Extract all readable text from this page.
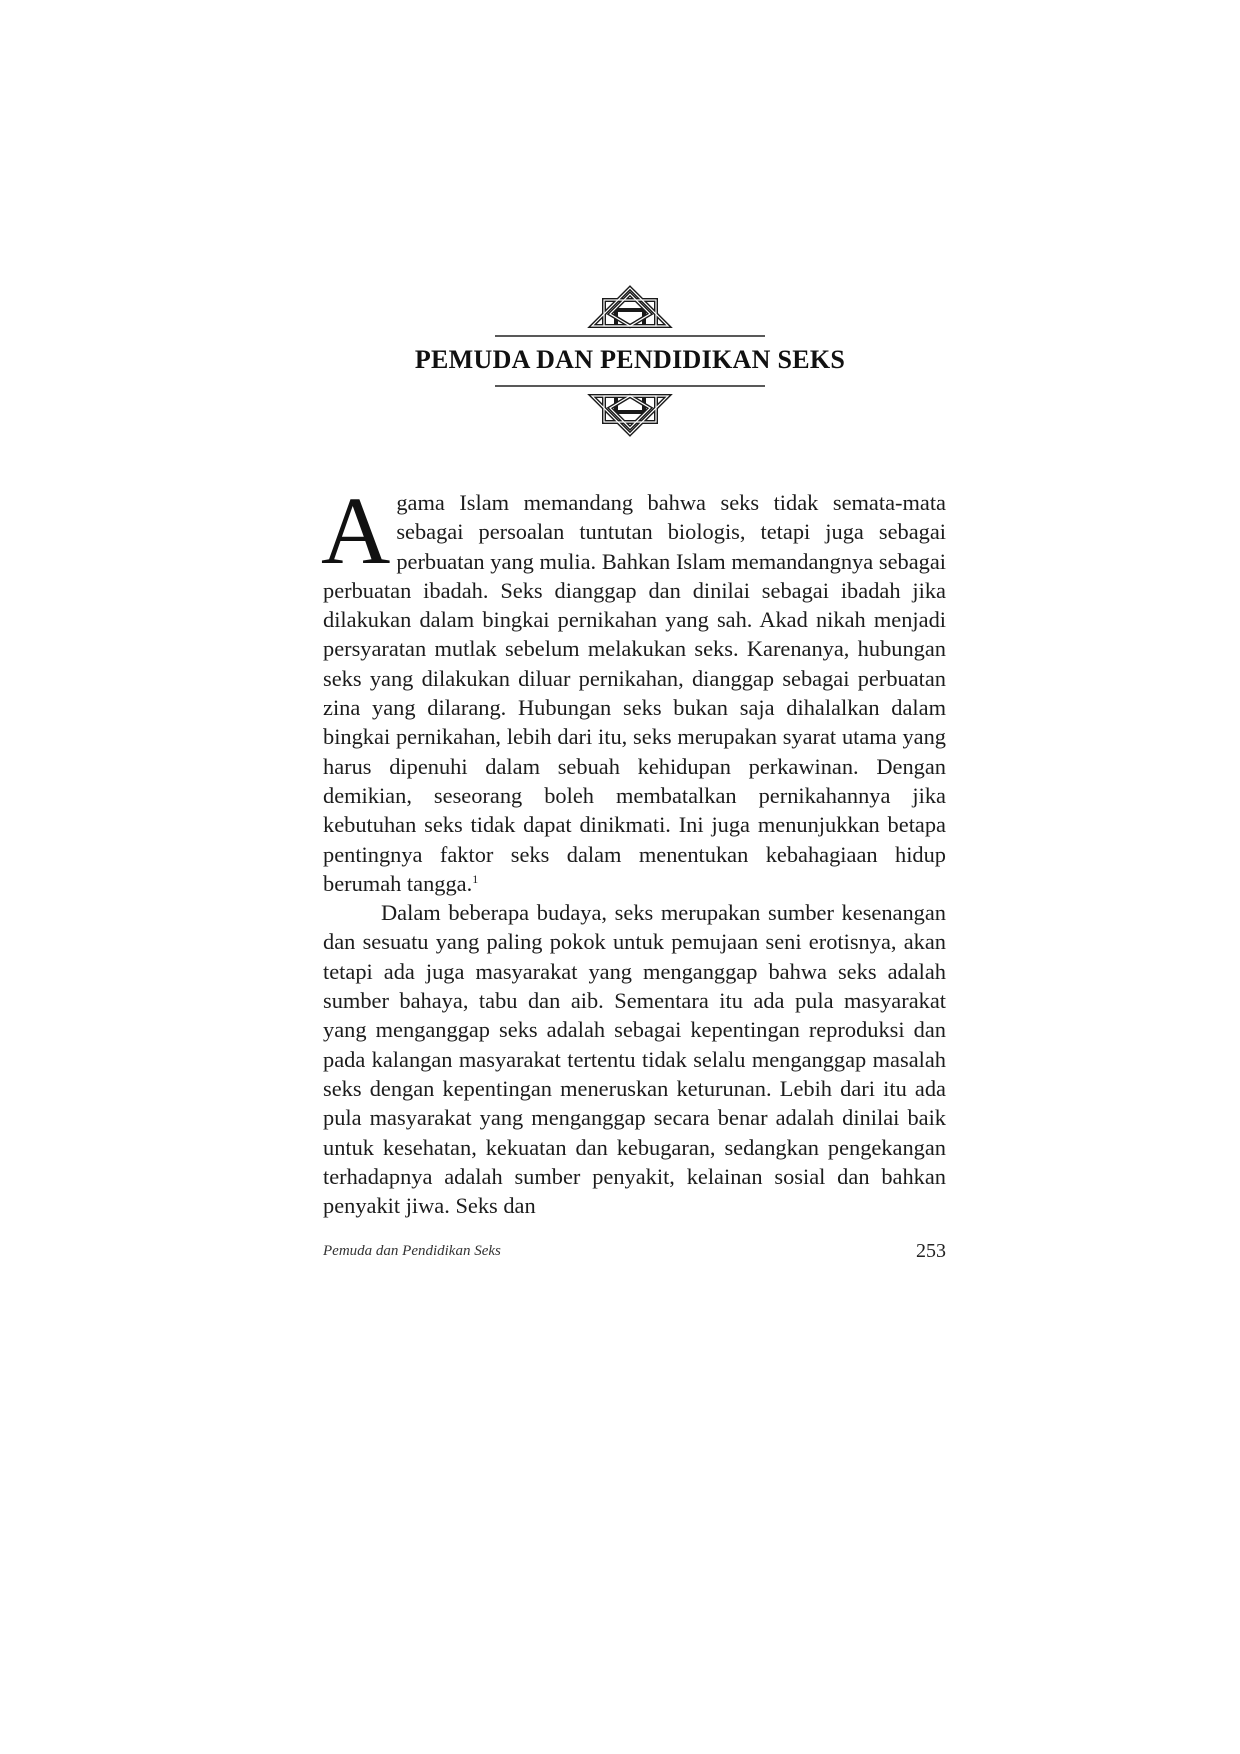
PEMUDA DAN PENDIDIKAN SEKS

Agama Islam memandang bahwa seks tidak semata-mata sebagai persoalan tuntutan biologis, tetapi juga sebagai perbuatan yang mulia. Bahkan Islam memandangnya sebagai perbuatan ibadah. Seks dianggap dan dinilai sebagai ibadah jika dilakukan dalam bingkai pernikahan yang sah. Akad nikah menjadi persyaratan mutlak sebelum melakukan seks. Karenanya, hubungan seks yang dilakukan diluar pernikahan, dianggap sebagai perbuatan zina yang dilarang. Hubungan seks bukan saja dihalalkan dalam bingkai pernikahan, lebih dari itu, seks merupakan syarat utama yang harus dipenuhi dalam sebuah kehidupan perkawinan. Dengan demikian, seseorang boleh membatalkan pernikahannya jika kebutuhan seks tidak dapat dinikmati. Ini juga menunjukkan betapa pentingnya faktor seks dalam menentukan kebahagiaan hidup berumah tangga.$^1$

Dalam beberapa budaya, seks merupakan sumber kesenangan dan sesuatu yang paling pokok untuk pemujaan seni erotisnya, akan tetapi ada juga masyarakat yang menganggap bahwa seks adalah sumber bahaya, tabu dan aib. Sementara itu ada pula masyarakat yang menganggap seks adalah sebagai kepentingan reproduksi dan pada kalangan masyarakat tertentu tidak selalu menganggap masalah seks dengan kepentingan meneruskan keturunan. Lebih dari itu ada pula masyarakat yang menganggap secara benar adalah dinilai baik untuk kesehatan, kekuatan dan kebugaran, sedangkan pengekangan terhadapnya adalah sumber penyakit, kelainan sosial dan bahkan penyakit jiwa. Seks dan

Pemuda dan Pendidikan Seks	253
